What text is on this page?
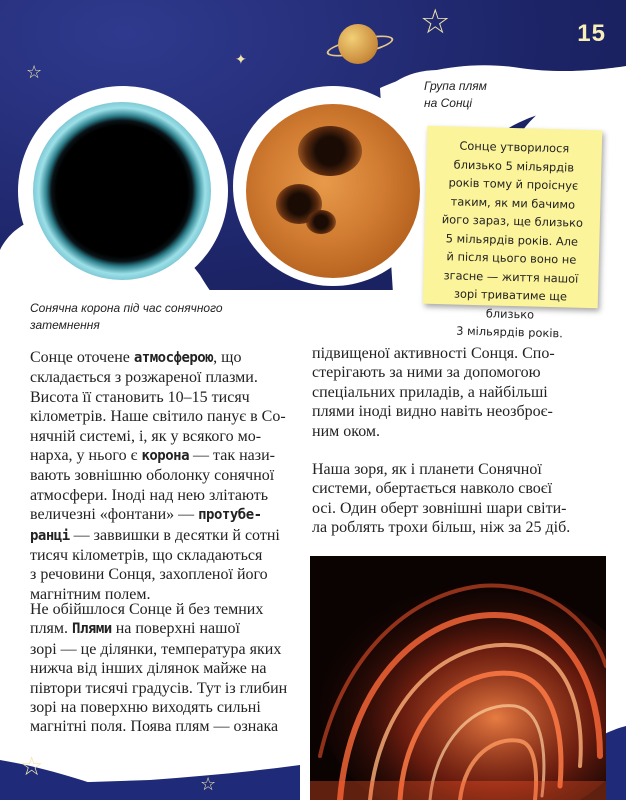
☆
☆
✦
☆
☆
15
Група плям
на Сонці
Сонячна корона під час сонячного
затемнення

Сонце утворилося
близько 5 мільярдів
років тому й проіснує
таким, як ми бачимо
його зараз, ще близько
5 мільярдів років. Але
й після цього воно не
згасне — життя нашої
зорі триватиме ще близько
3 мільярдів років.

Сонце оточене атмосферою, що
складається з розжареної плазми.
Висота її становить 10–15 тисяч
кілометрів. Наше світило панує в Со-
нячній системі, і, як у всякого мо-
нарха, у нього є корона — так нази-
вають зовнішню оболонку сонячної
атмосфери. Іноді над нею злітають
величезні «фонтани» — протубе-
ранці — заввишки в десятки й сотні
тисяч кілометрів, що складаються
з речовини Сонця, захопленої його
магнітним полем.

Не обійшлося Сонце й без темних
плям. Плями на поверхні нашої
зорі — це ділянки, температура яких
нижча від інших ділянок майже на
півтори тисячі градусів. Тут із глибин
зорі на поверхню виходять сильні
магнітні поля. Поява плям — ознака

підвищеної активності Сонця. Спо-
стерігають за ними за допомогою
спеціальних приладів, а найбільші
плями іноді видно навіть неозброє-
ним оком.

Наша зоря, як і планети Сонячної
системи, обертається навколо своєї
осі. Один оберт зовнішні шари світи-
ла роблять трохи більш, ніж за 25 діб.
